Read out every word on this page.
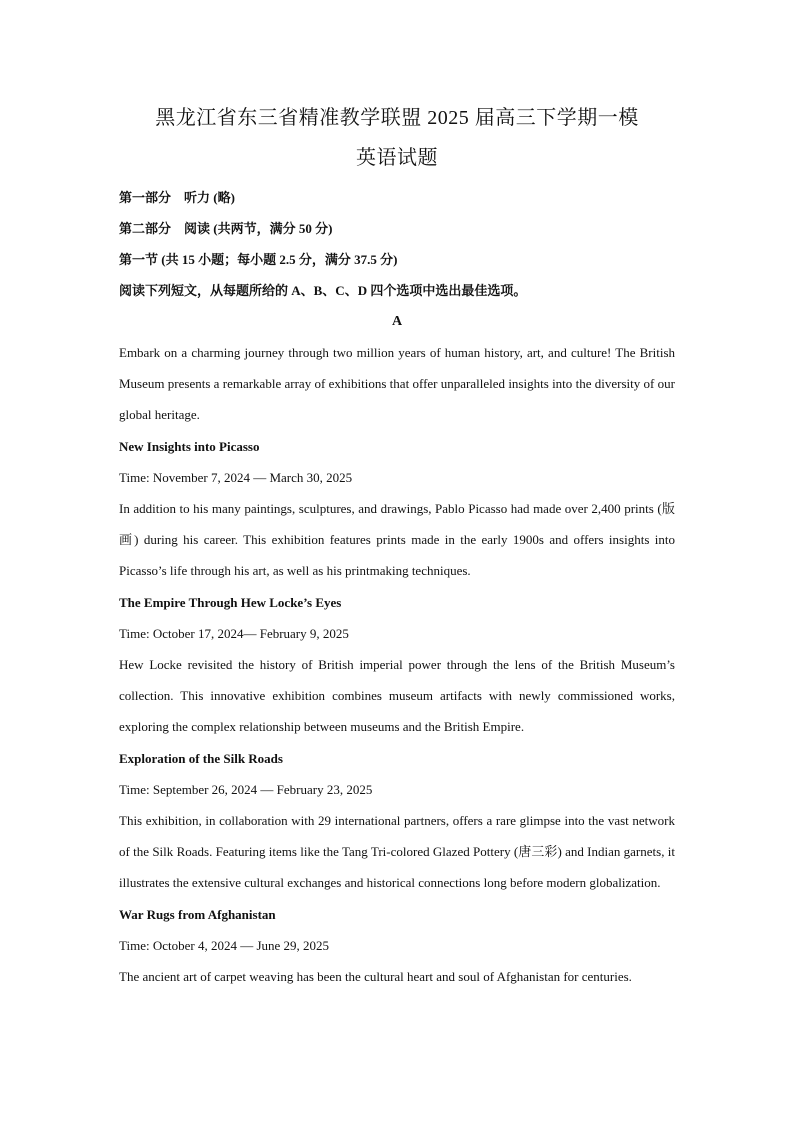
黑龙江省东三省精准教学联盟 2025 届高三下学期一模
英语试题

第一部分　听力 (略)

第二部分　阅读 (共两节，满分 50 分)

第一节 (共 15 小题；每小题 2.5 分，满分 37.5 分)

阅读下列短文，从每题所给的 A、B、C、D 四个选项中选出最佳选项。

A

Embark on a charming journey through two million years of human history, art, and culture! The British Museum presents a remarkable array of exhibitions that offer unparalleled insights into the diversity of our global heritage.

New Insights into Picasso

Time: November 7, 2024 — March 30, 2025

In addition to his many paintings, sculptures, and drawings, Pablo Picasso had made over 2,400 prints (版画) during his career. This exhibition features prints made in the early 1900s and offers insights into Picasso’s life through his art, as well as his printmaking techniques.

The Empire Through Hew Locke’s Eyes

Time: October 17, 2024— February 9, 2025

Hew Locke revisited the history of British imperial power through the lens of the British Museum’s collection. This innovative exhibition combines museum artifacts with newly commissioned works, exploring the complex relationship between museums and the British Empire.

Exploration of the Silk Roads

Time: September 26, 2024 — February 23, 2025

This exhibition, in collaboration with 29 international partners, offers a rare glimpse into the vast network of the Silk Roads. Featuring items like the Tang Tri-colored Glazed Pottery (唐三彩) and Indian garnets, it illustrates the extensive cultural exchanges and historical connections long before modern globalization.

War Rugs from Afghanistan

Time: October 4, 2024 — June 29, 2025

The ancient art of carpet weaving has been the cultural heart and soul of Afghanistan for centuries.
